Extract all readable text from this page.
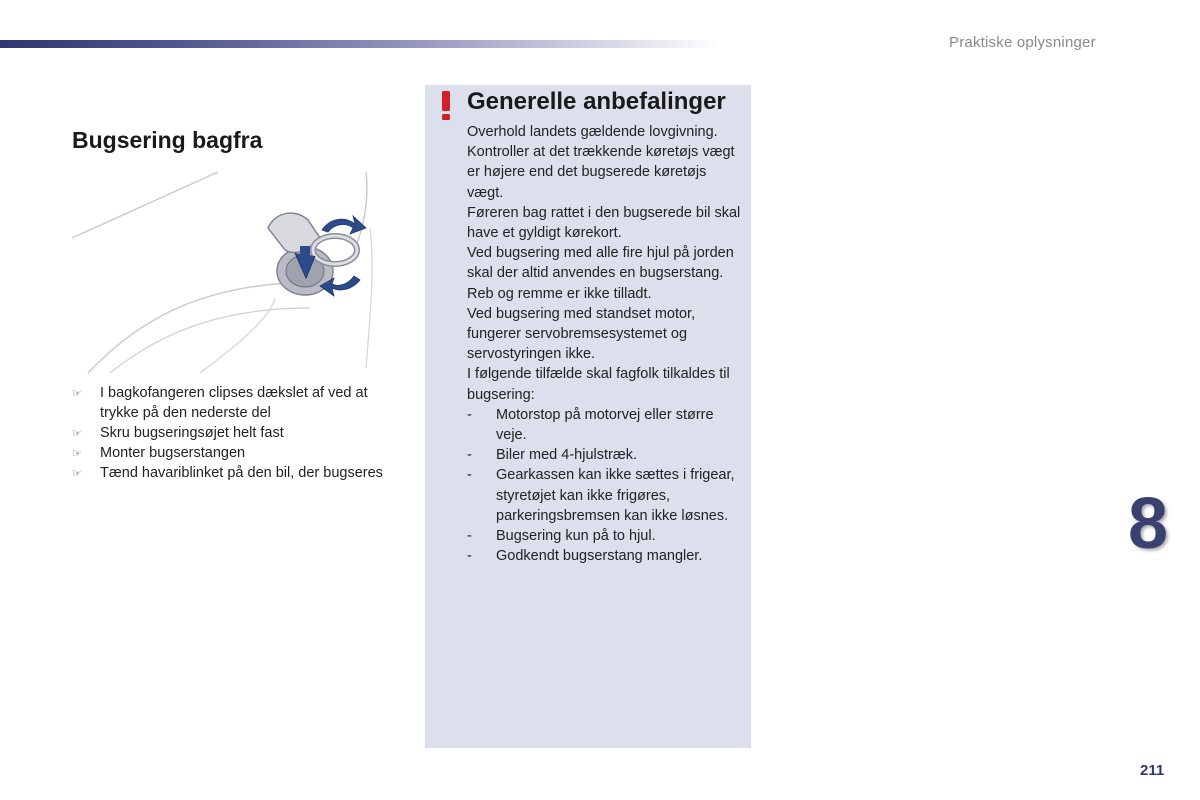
Praktiske oplysninger
Bugsering bagfra
☞ I bagkofangeren clipses dækslet af ved at trykke på den nederste del
☞ Skru bugseringsøjet helt fast
☞ Monter bugserstangen
☞ Tænd havariblinket på den bil, der bugseres
Generelle anbefalinger

Overhold landets gældende lovgivning.

Kontroller at det trækkende køretøjs vægt er højere end det bugserede køretøjs vægt.

Føreren bag rattet i den bugserede bil skal have et gyldigt kørekort.

Ved bugsering med alle fire hjul på jorden skal der altid anvendes en bugserstang. Reb og remme er ikke tilladt.

Ved bugsering med standset motor, fungerer servobremsesystemet og servostyringen ikke.

I følgende tilfælde skal fagfolk tilkaldes til bugsering:

- Motorstop på motorvej eller større veje.
- Biler med 4-hjulstræk.
- Gearkassen kan ikke sættes i frigear, styretøjet kan ikke frigøres, parkeringsbremsen kan ikke løsnes.
- Bugsering kun på to hjul.
- Godkendt bugserstang mangler.	8
211
